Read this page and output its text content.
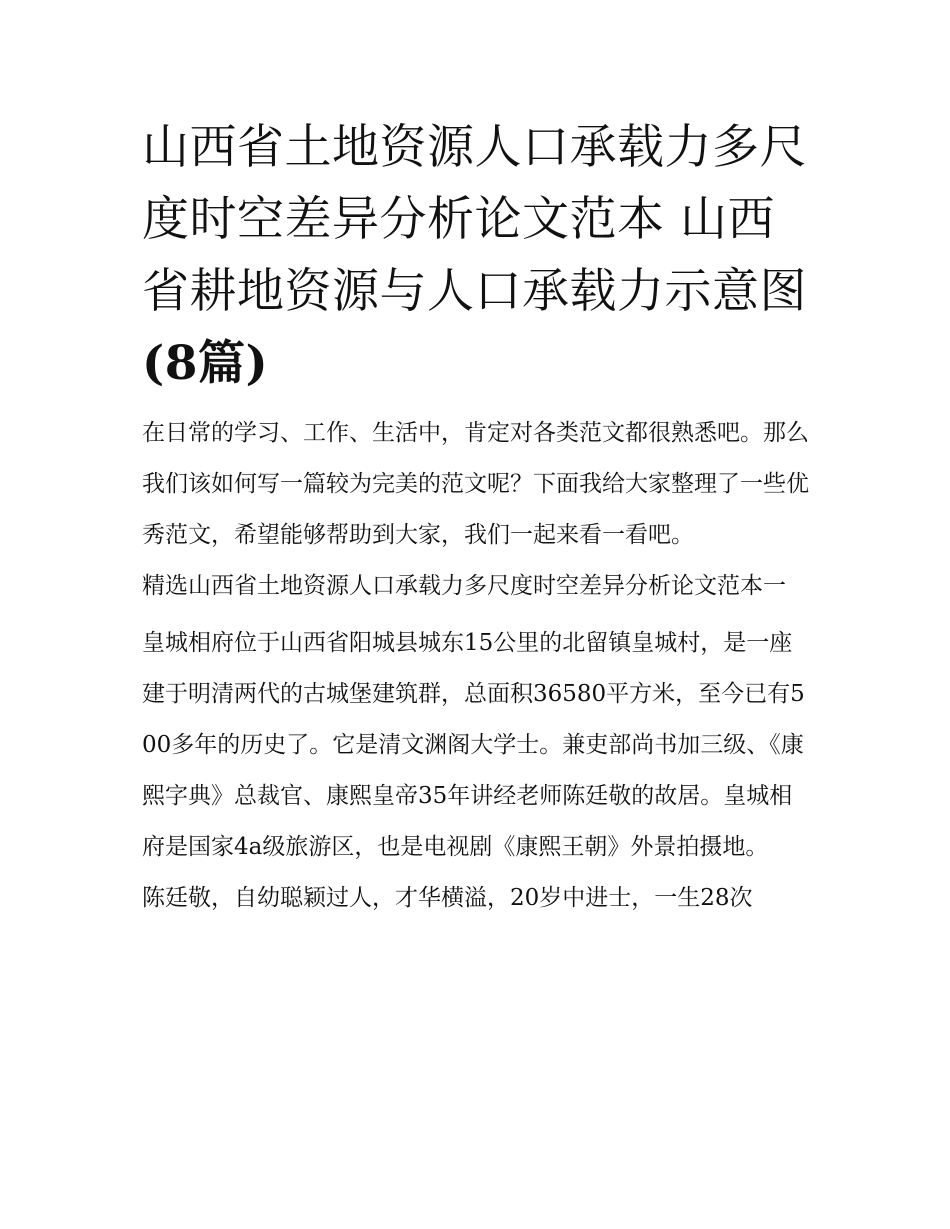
山西省土地资源人口承载力多尺度时空差异分析论文范本 山西省耕地资源与人口承载力示意图(8篇)

在日常的学习、工作、生活中，肯定对各类范文都很熟悉吧。那么我们该如何写一篇较为完美的范文呢？下面我给大家整理了一些优秀范文，希望能够帮助到大家，我们一起来看一看吧。

精选山西省土地资源人口承载力多尺度时空差异分析论文范本一

皇城相府位于山西省阳城县城东15公里的北留镇皇城村，是一座建于明清两代的古城堡建筑群，总面积36580平方米，至今已有500多年的历史了。它是清文渊阁大学士。兼吏部尚书加三级、《康熙字典》总裁官、康熙皇帝35年讲经老师陈廷敬的故居。皇城相府是国家4a级旅游区，也是电视剧《康熙王朝》外景拍摄地。

陈廷敬，自幼聪颖过人，才华横溢，20岁中进士，一生28次
